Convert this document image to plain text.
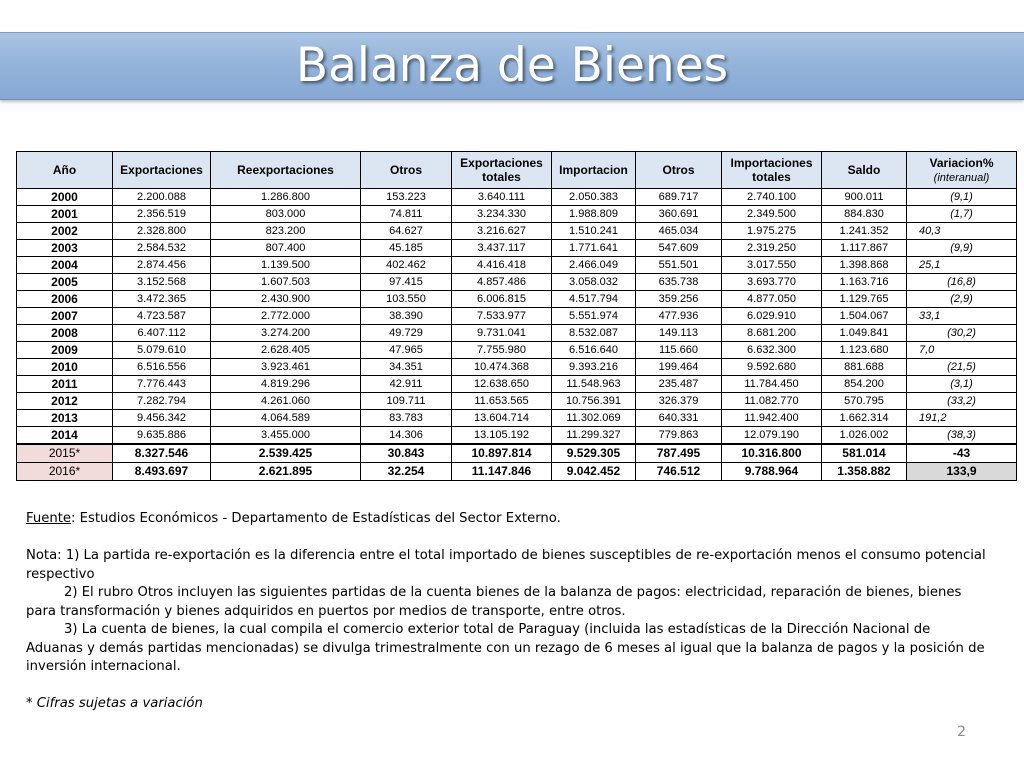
Balanza de Bienes
Año	Exportaciones	Reexportaciones	Otros	Exportaciones totales	Importacion	Otros	Importaciones totales	Saldo	Variacion%
(interanual)
2000	2.200.088	1.286.800	153.223	3.640.111	2.050.383	689.717	2.740.100	900.011	(9,1)
2001	2.356.519	803.000	74.811	3.234.330	1.988.809	360.691	2.349.500	884.830	(1,7)
2002	2.328.800	823.200	64.627	3.216.627	1.510.241	465.034	1.975.275	1.241.352	40,3
2003	2.584.532	807.400	45.185	3.437.117	1.771.641	547.609	2.319.250	1.117.867	(9,9)
2004	2.874.456	1.139.500	402.462	4.416.418	2.466.049	551.501	3.017.550	1.398.868	25,1
2005	3.152.568	1.607.503	97.415	4.857.486	3.058.032	635.738	3.693.770	1.163.716	(16,8)
2006	3.472.365	2.430.900	103.550	6.006.815	4.517.794	359.256	4.877.050	1.129.765	(2,9)
2007	4.723.587	2.772.000	38.390	7.533.977	5.551.974	477.936	6.029.910	1.504.067	33,1
2008	6.407.112	3.274.200	49.729	9.731.041	8.532.087	149.113	8.681.200	1.049.841	(30,2)
2009	5.079.610	2.628.405	47.965	7.755.980	6.516.640	115.660	6.632.300	1.123.680	7,0
2010	6.516.556	3.923.461	34.351	10.474.368	9.393.216	199.464	9.592.680	881.688	(21,5)
2011	7.776.443	4.819.296	42.911	12.638.650	11.548.963	235.487	11.784.450	854.200	(3,1)
2012	7.282.794	4.261.060	109.711	11.653.565	10.756.391	326.379	11.082.770	570.795	(33,2)
2013	9.456.342	4.064.589	83.783	13.604.714	11.302.069	640.331	11.942.400	1.662.314	191,2
2014	9.635.886	3.455.000	14.306	13.105.192	11.299.327	779.863	12.079.190	1.026.002	(38,3)
2015*	8.327.546	2.539.425	30.843	10.897.814	9.529.305	787.495	10.316.800	581.014	-43
2016*	8.493.697	2.621.895	32.254	11.147.846	9.042.452	746.512	9.788.964	1.358.882	133,9

Fuente: Estudios Económicos - Departamento de Estadísticas del Sector Externo.

Nota: 1) La partida re-exportación es la diferencia entre el total importado de bienes susceptibles de re-exportación menos el consumo potencial respectivo

2) El rubro Otros incluyen las siguientes partidas de la cuenta bienes de la balanza de pagos: electricidad, reparación de bienes, bienes para transformación y bienes adquiridos en puertos por medios de transporte, entre otros.

3) La cuenta de bienes, la cual compila el comercio exterior total de Paraguay (incluida las estadísticas de la Dirección Nacional de Aduanas y demás partidas mencionadas) se divulga trimestralmente con un rezago de 6 meses al igual que la balanza de pagos y la posición de inversión internacional.

* Cifras sujetas a variación

2
